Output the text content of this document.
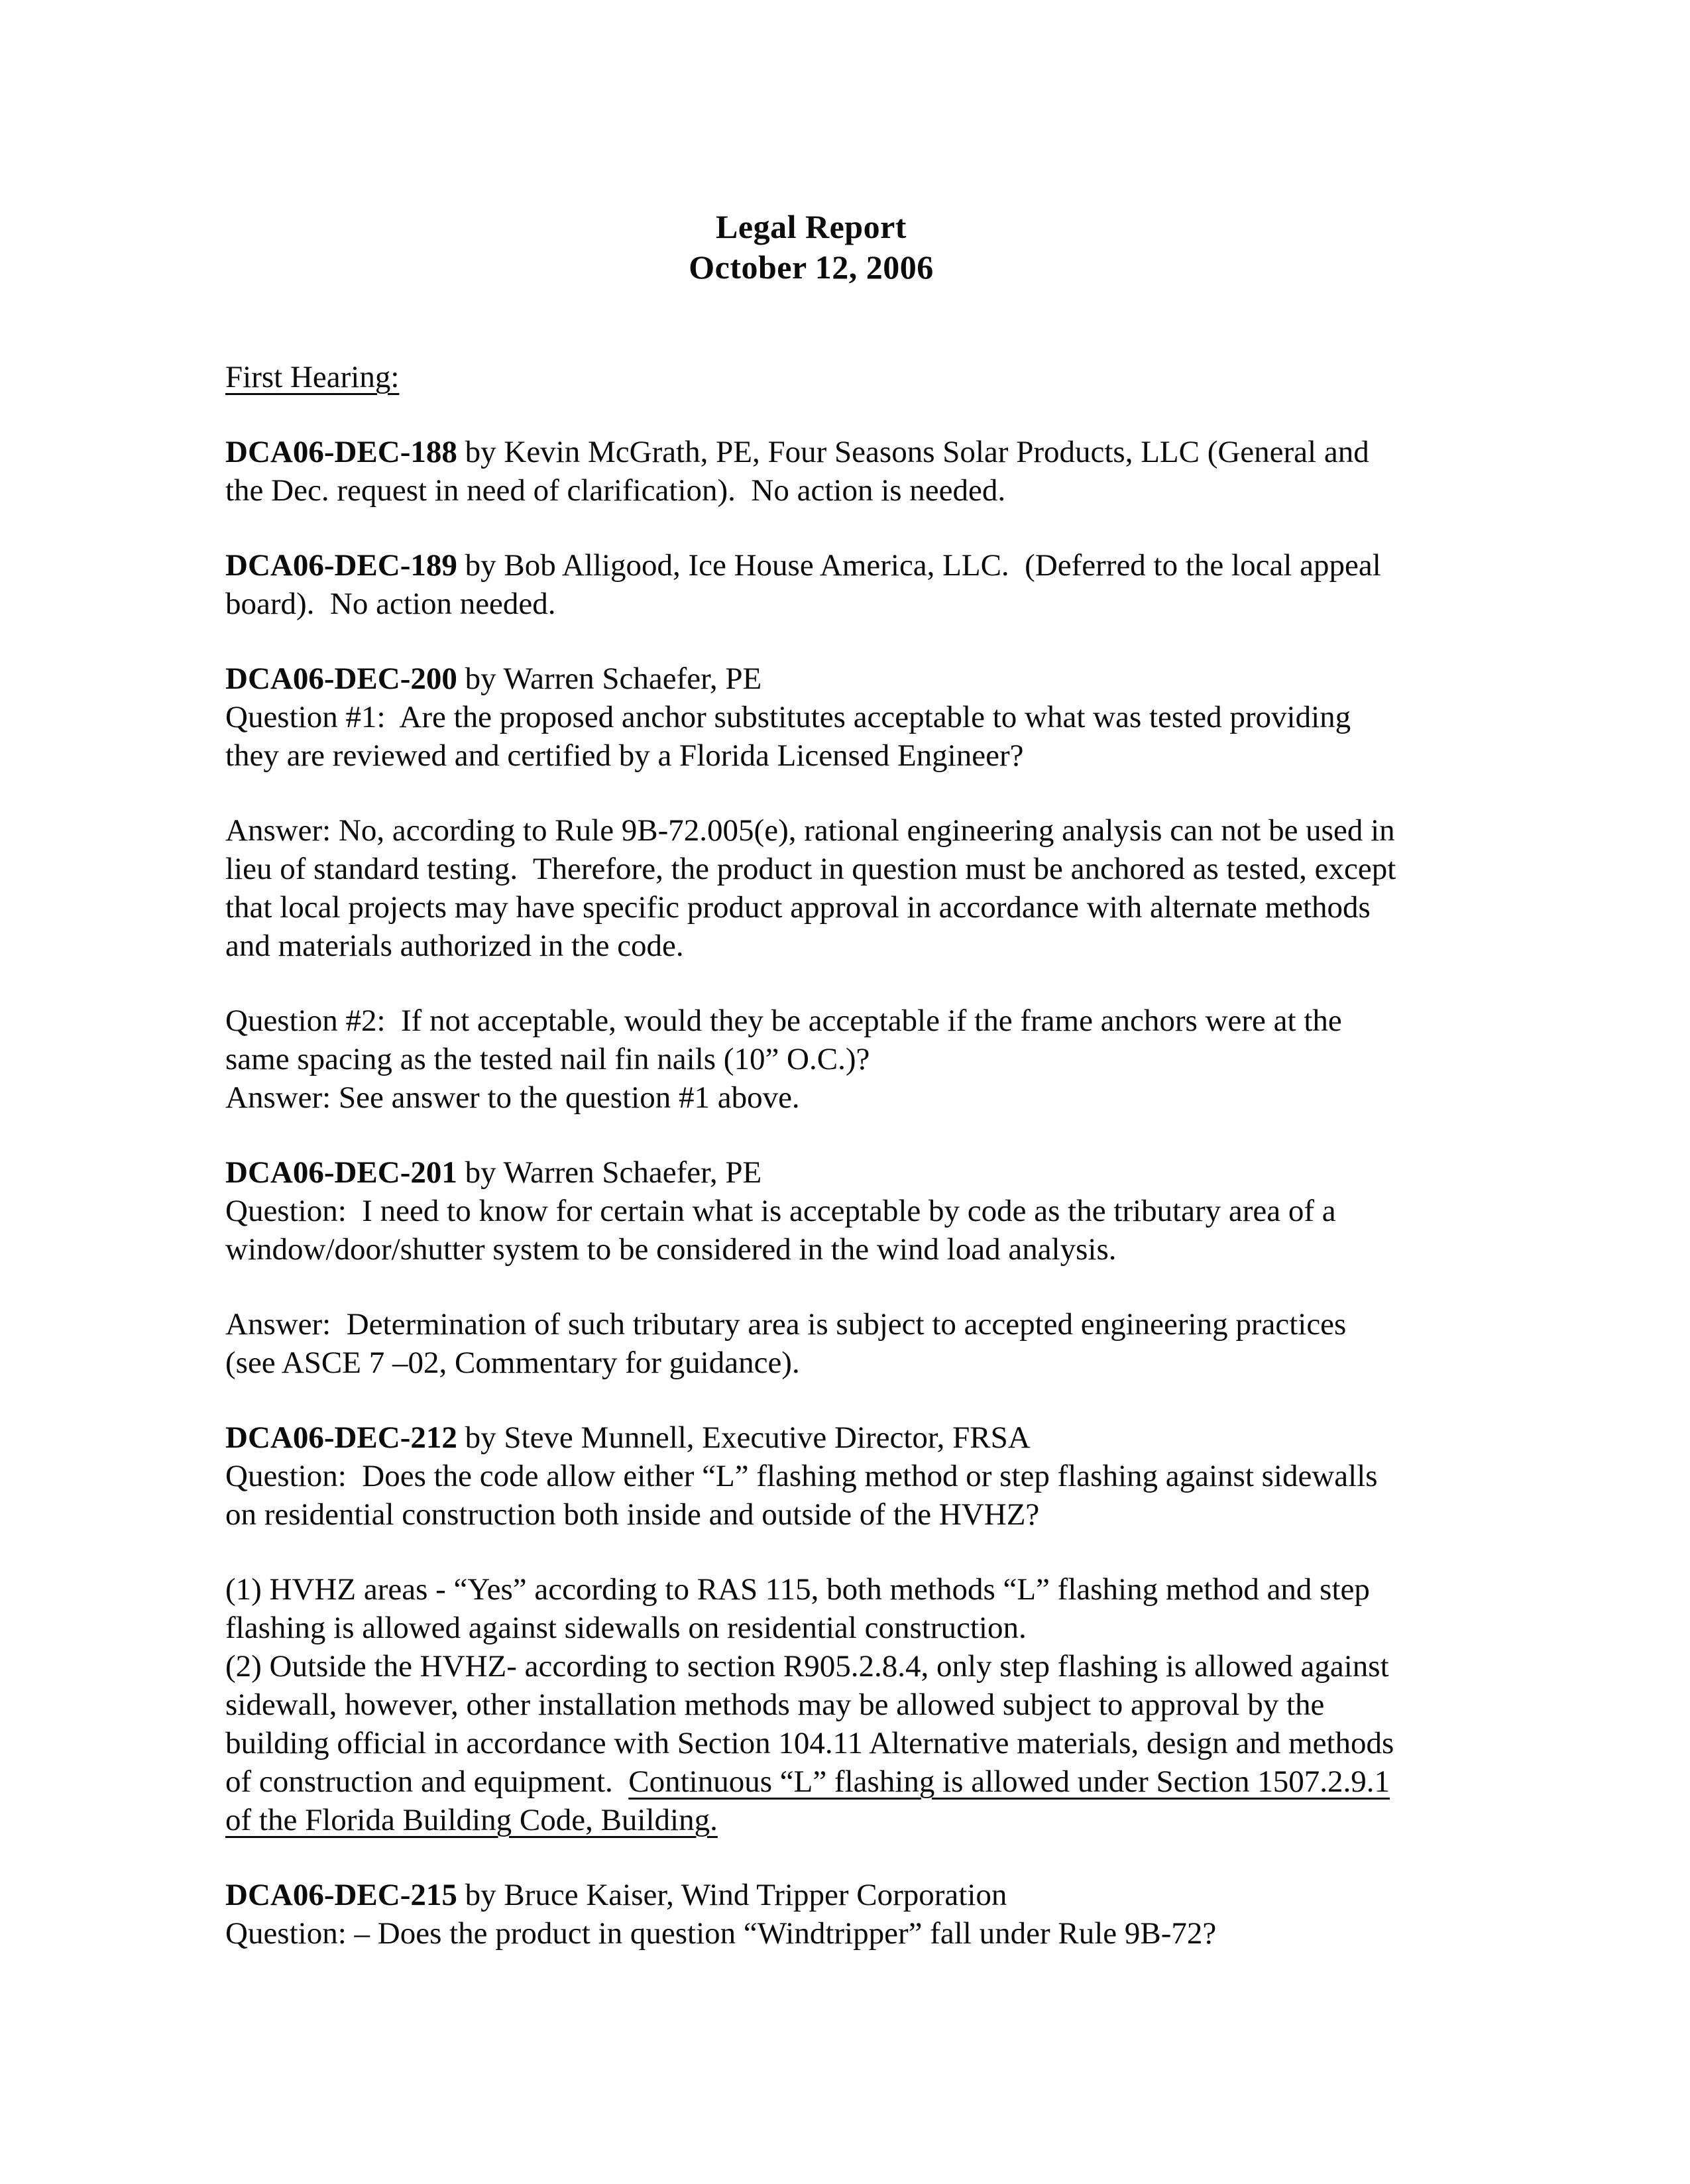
Legal Report
October 12, 2006
First Hearing:
DCA06-DEC-188 by Kevin McGrath, PE, Four Seasons Solar Products, LLC (General and the Dec. request in need of clarification).  No action is needed.
DCA06-DEC-189 by Bob Alligood, Ice House America, LLC.  (Deferred to the local appeal board).  No action needed.
DCA06-DEC-200 by Warren Schaefer, PE
Question #1:  Are the proposed anchor substitutes acceptable to what was tested providing they are reviewed and certified by a Florida Licensed Engineer?
Answer: No, according to Rule 9B-72.005(e), rational engineering analysis can not be used in lieu of standard testing.  Therefore, the product in question must be anchored as tested, except that local projects may have specific product approval in accordance with alternate methods and materials authorized in the code.
Question #2:  If not acceptable, would they be acceptable if the frame anchors were at the same spacing as the tested nail fin nails (10” O.C.)?
Answer: See answer to the question #1 above.
DCA06-DEC-201 by Warren Schaefer, PE
Question:  I need to know for certain what is acceptable by code as the tributary area of a window/door/shutter system to be considered in the wind load analysis.
Answer:  Determination of such tributary area is subject to accepted engineering practices (see ASCE 7 –02, Commentary for guidance).
DCA06-DEC-212 by Steve Munnell, Executive Director, FRSA
Question:  Does the code allow either “L” flashing method or step flashing against sidewalls on residential construction both inside and outside of the HVHZ?
(1) HVHZ areas - “Yes” according to RAS 115, both methods “L” flashing method and step flashing is allowed against sidewalls on residential construction.
(2) Outside the HVHZ- according to section R905.2.8.4, only step flashing is allowed against sidewall, however, other installation methods may be allowed subject to approval by the building official in accordance with Section 104.11 Alternative materials, design and methods of construction and equipment.  Continuous “L” flashing is allowed under Section 1507.2.9.1 of the Florida Building Code, Building.
DCA06-DEC-215 by Bruce Kaiser, Wind Tripper Corporation
Question: – Does the product in question “Windtripper” fall under Rule 9B-72?
